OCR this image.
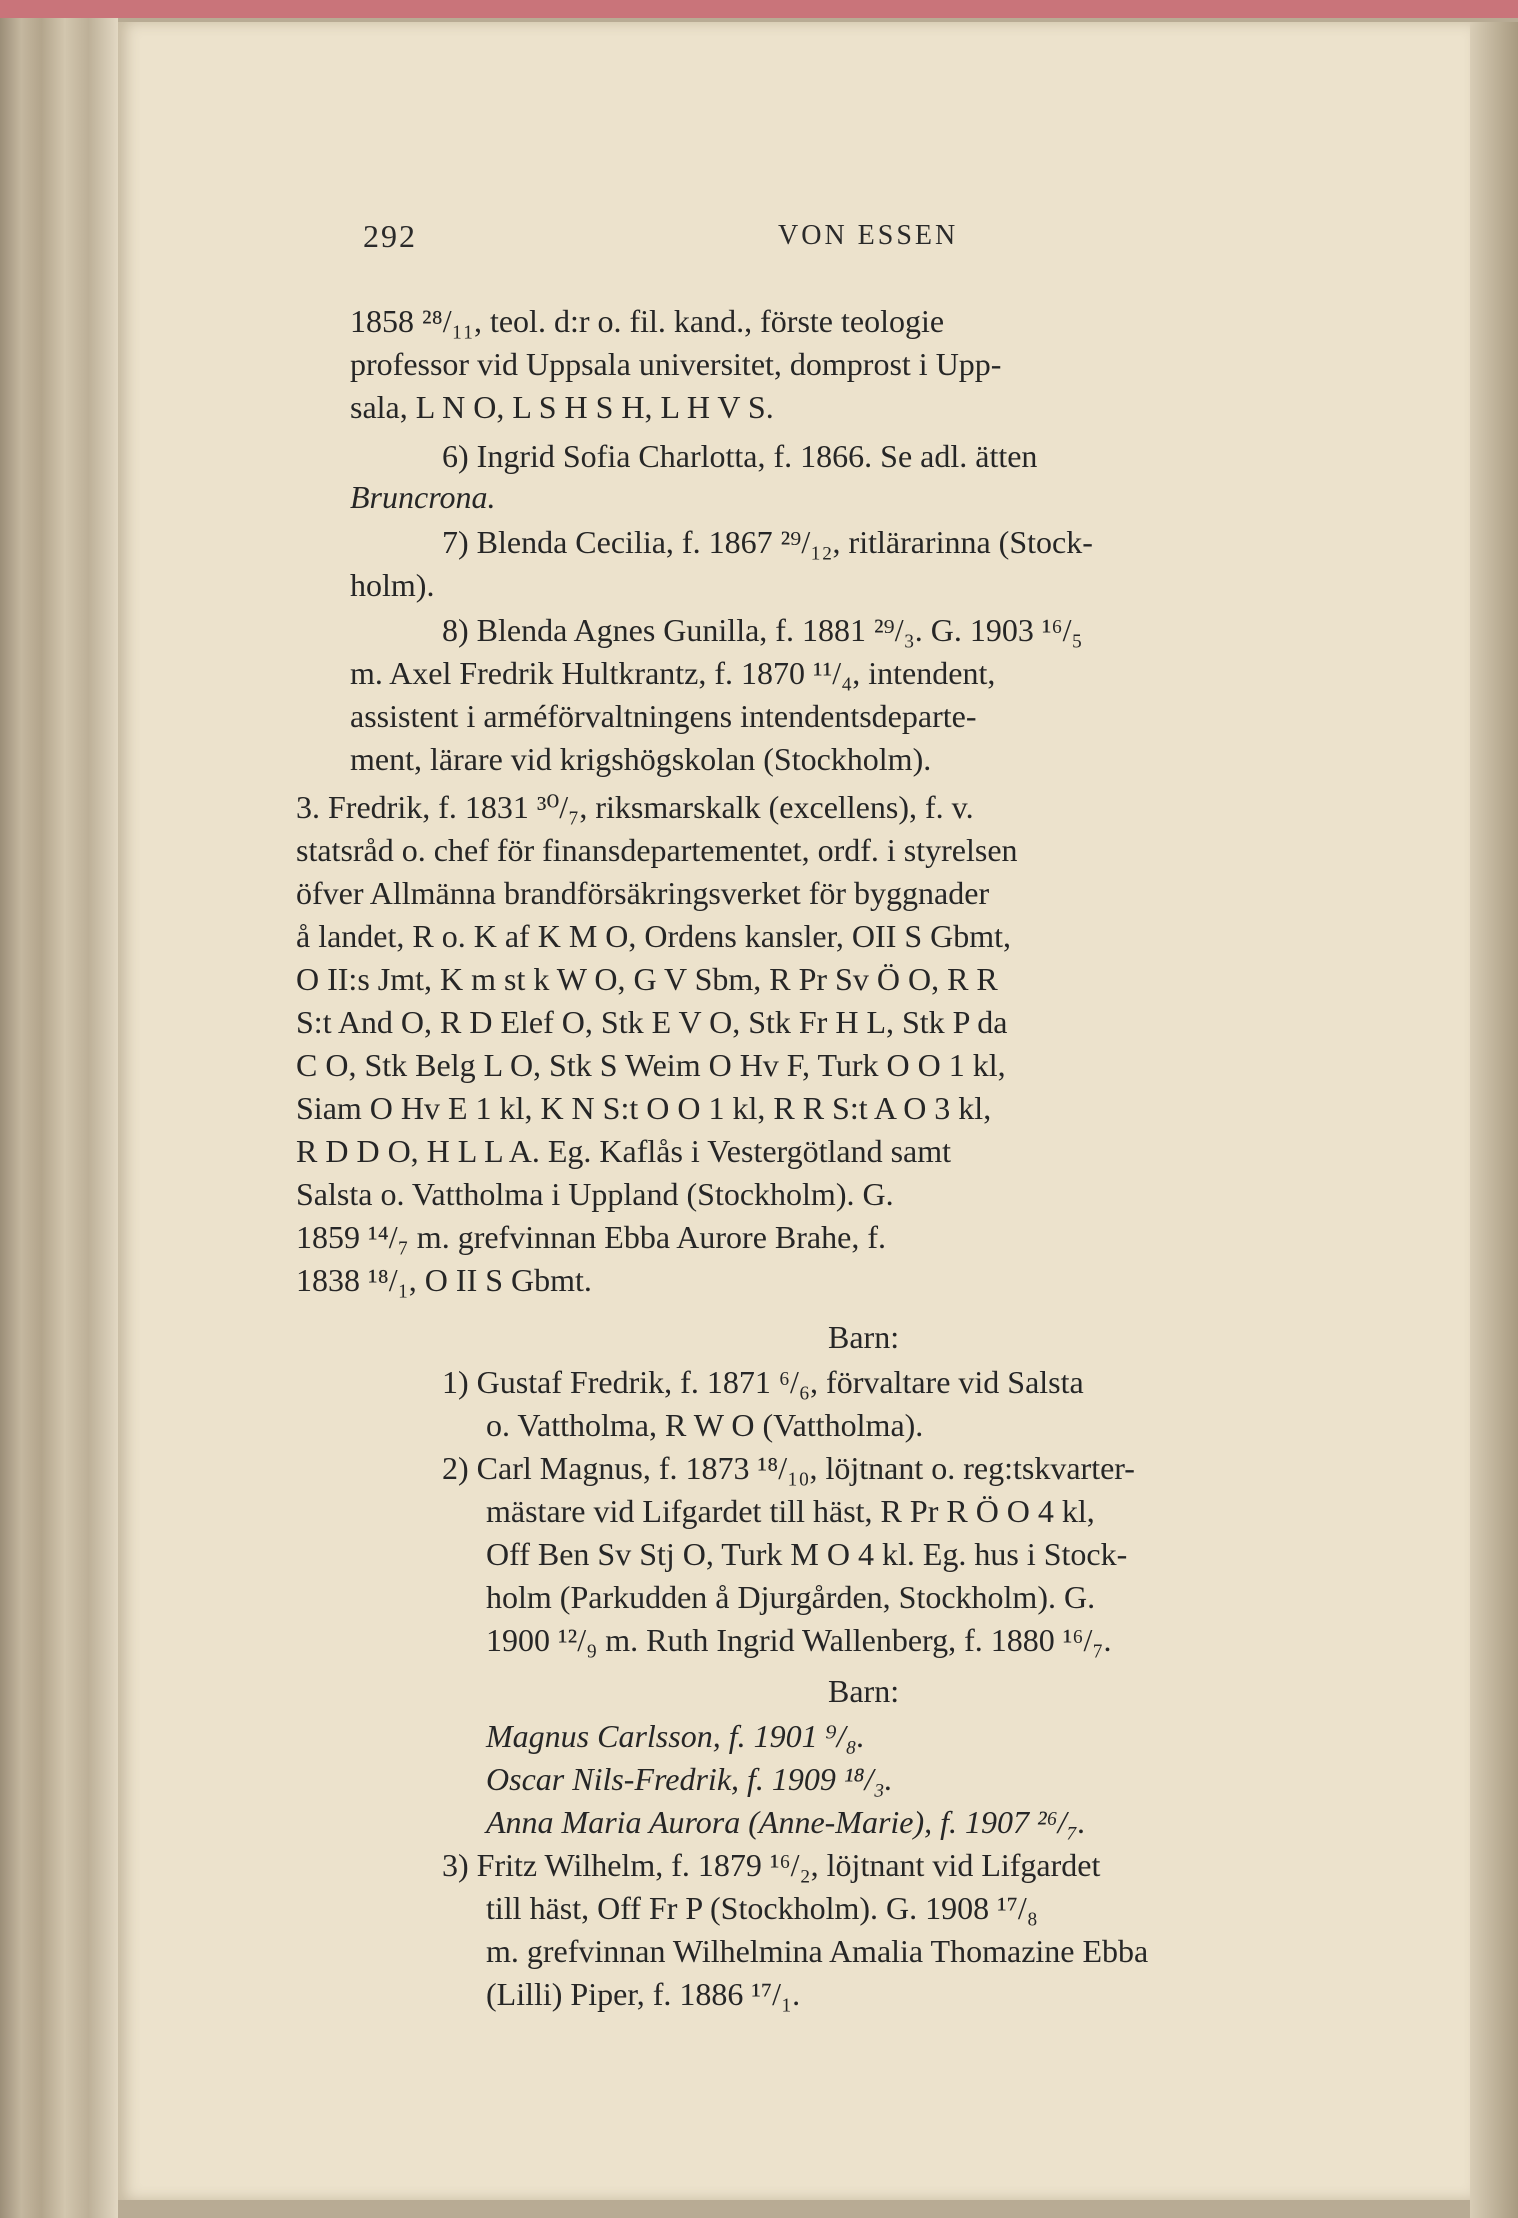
292	VON ESSEN
1858 ²⁸/₁₁, teol. d:r o. fil. kand., förste teologie
professor vid Uppsala universitet, domprost i Upp-
sala, L N O, L S H S H, L H V S.
6) Ingrid Sofia Charlotta, f. 1866. Se adl. ätten
Bruncrona.
7) Blenda Cecilia, f. 1867 ²⁹/₁₂, ritlärarinna (Stock-
holm).
8) Blenda Agnes Gunilla, f. 1881 ²⁹/₃. G. 1903 ¹⁶/₅
m. Axel Fredrik Hultkrantz, f. 1870 ¹¹/₄, intendent,
assistent i arméförvaltningens intendentsdeparte-
ment, lärare vid krigshögskolan (Stockholm).
3. Fredrik, f. 1831 ³⁰/₇, riksmarskalk (excellens), f. v.
statsråd o. chef för finansdepartementet, ordf. i styrelsen
öfver Allmänna brandförsäkringsverket för byggnader
å landet, R o. K af K M O, Ordens kansler, OII S Gbmt,
O II:s Jmt, K m st k W O, G V Sbm, R Pr Sv Ö O, R R
S:t And O, R D Elef O, Stk E V O, Stk Fr H L, Stk P da
C O, Stk Belg L O, Stk S Weim O Hv F, Turk O O 1 kl,
Siam O Hv E 1 kl, K N S:t O O 1 kl, R R S:t A O 3 kl,
R D D O, H L L A. Eg. Kaflås i Vestergötland samt
Salsta o. Vattholma i Uppland (Stockholm). G.
1859 ¹⁴/₇ m. grefvinnan Ebba Aurore Brahe, f.
1838 ¹⁸/₁, O II S Gbmt.
Barn:
1) Gustaf Fredrik, f. 1871 ⁶/₆, förvaltare vid Salsta
o. Vattholma, R W O (Vattholma).
2) Carl Magnus, f. 1873 ¹⁸/₁₀, löjtnant o. reg:tskvarter-
mästare vid Lifgardet till häst, R Pr R Ö O 4 kl,
Off Ben Sv Stj O, Turk M O 4 kl. Eg. hus i Stock-
holm (Parkudden å Djurgården, Stockholm). G.
1900 ¹²/₉ m. Ruth Ingrid Wallenberg, f. 1880 ¹⁶/₇.
Barn:
Magnus Carlsson, f. 1901 ⁹/₈.
Oscar Nils-Fredrik, f. 1909 ¹⁸/₃.
Anna Maria Aurora (Anne-Marie), f. 1907 ²⁶/₇.
3) Fritz Wilhelm, f. 1879 ¹⁶/₂, löjtnant vid Lifgardet
till häst, Off Fr P (Stockholm). G. 1908 ¹⁷/₈
m. grefvinnan Wilhelmina Amalia Thomazine Ebba
(Lilli) Piper, f. 1886 ¹⁷/₁.
